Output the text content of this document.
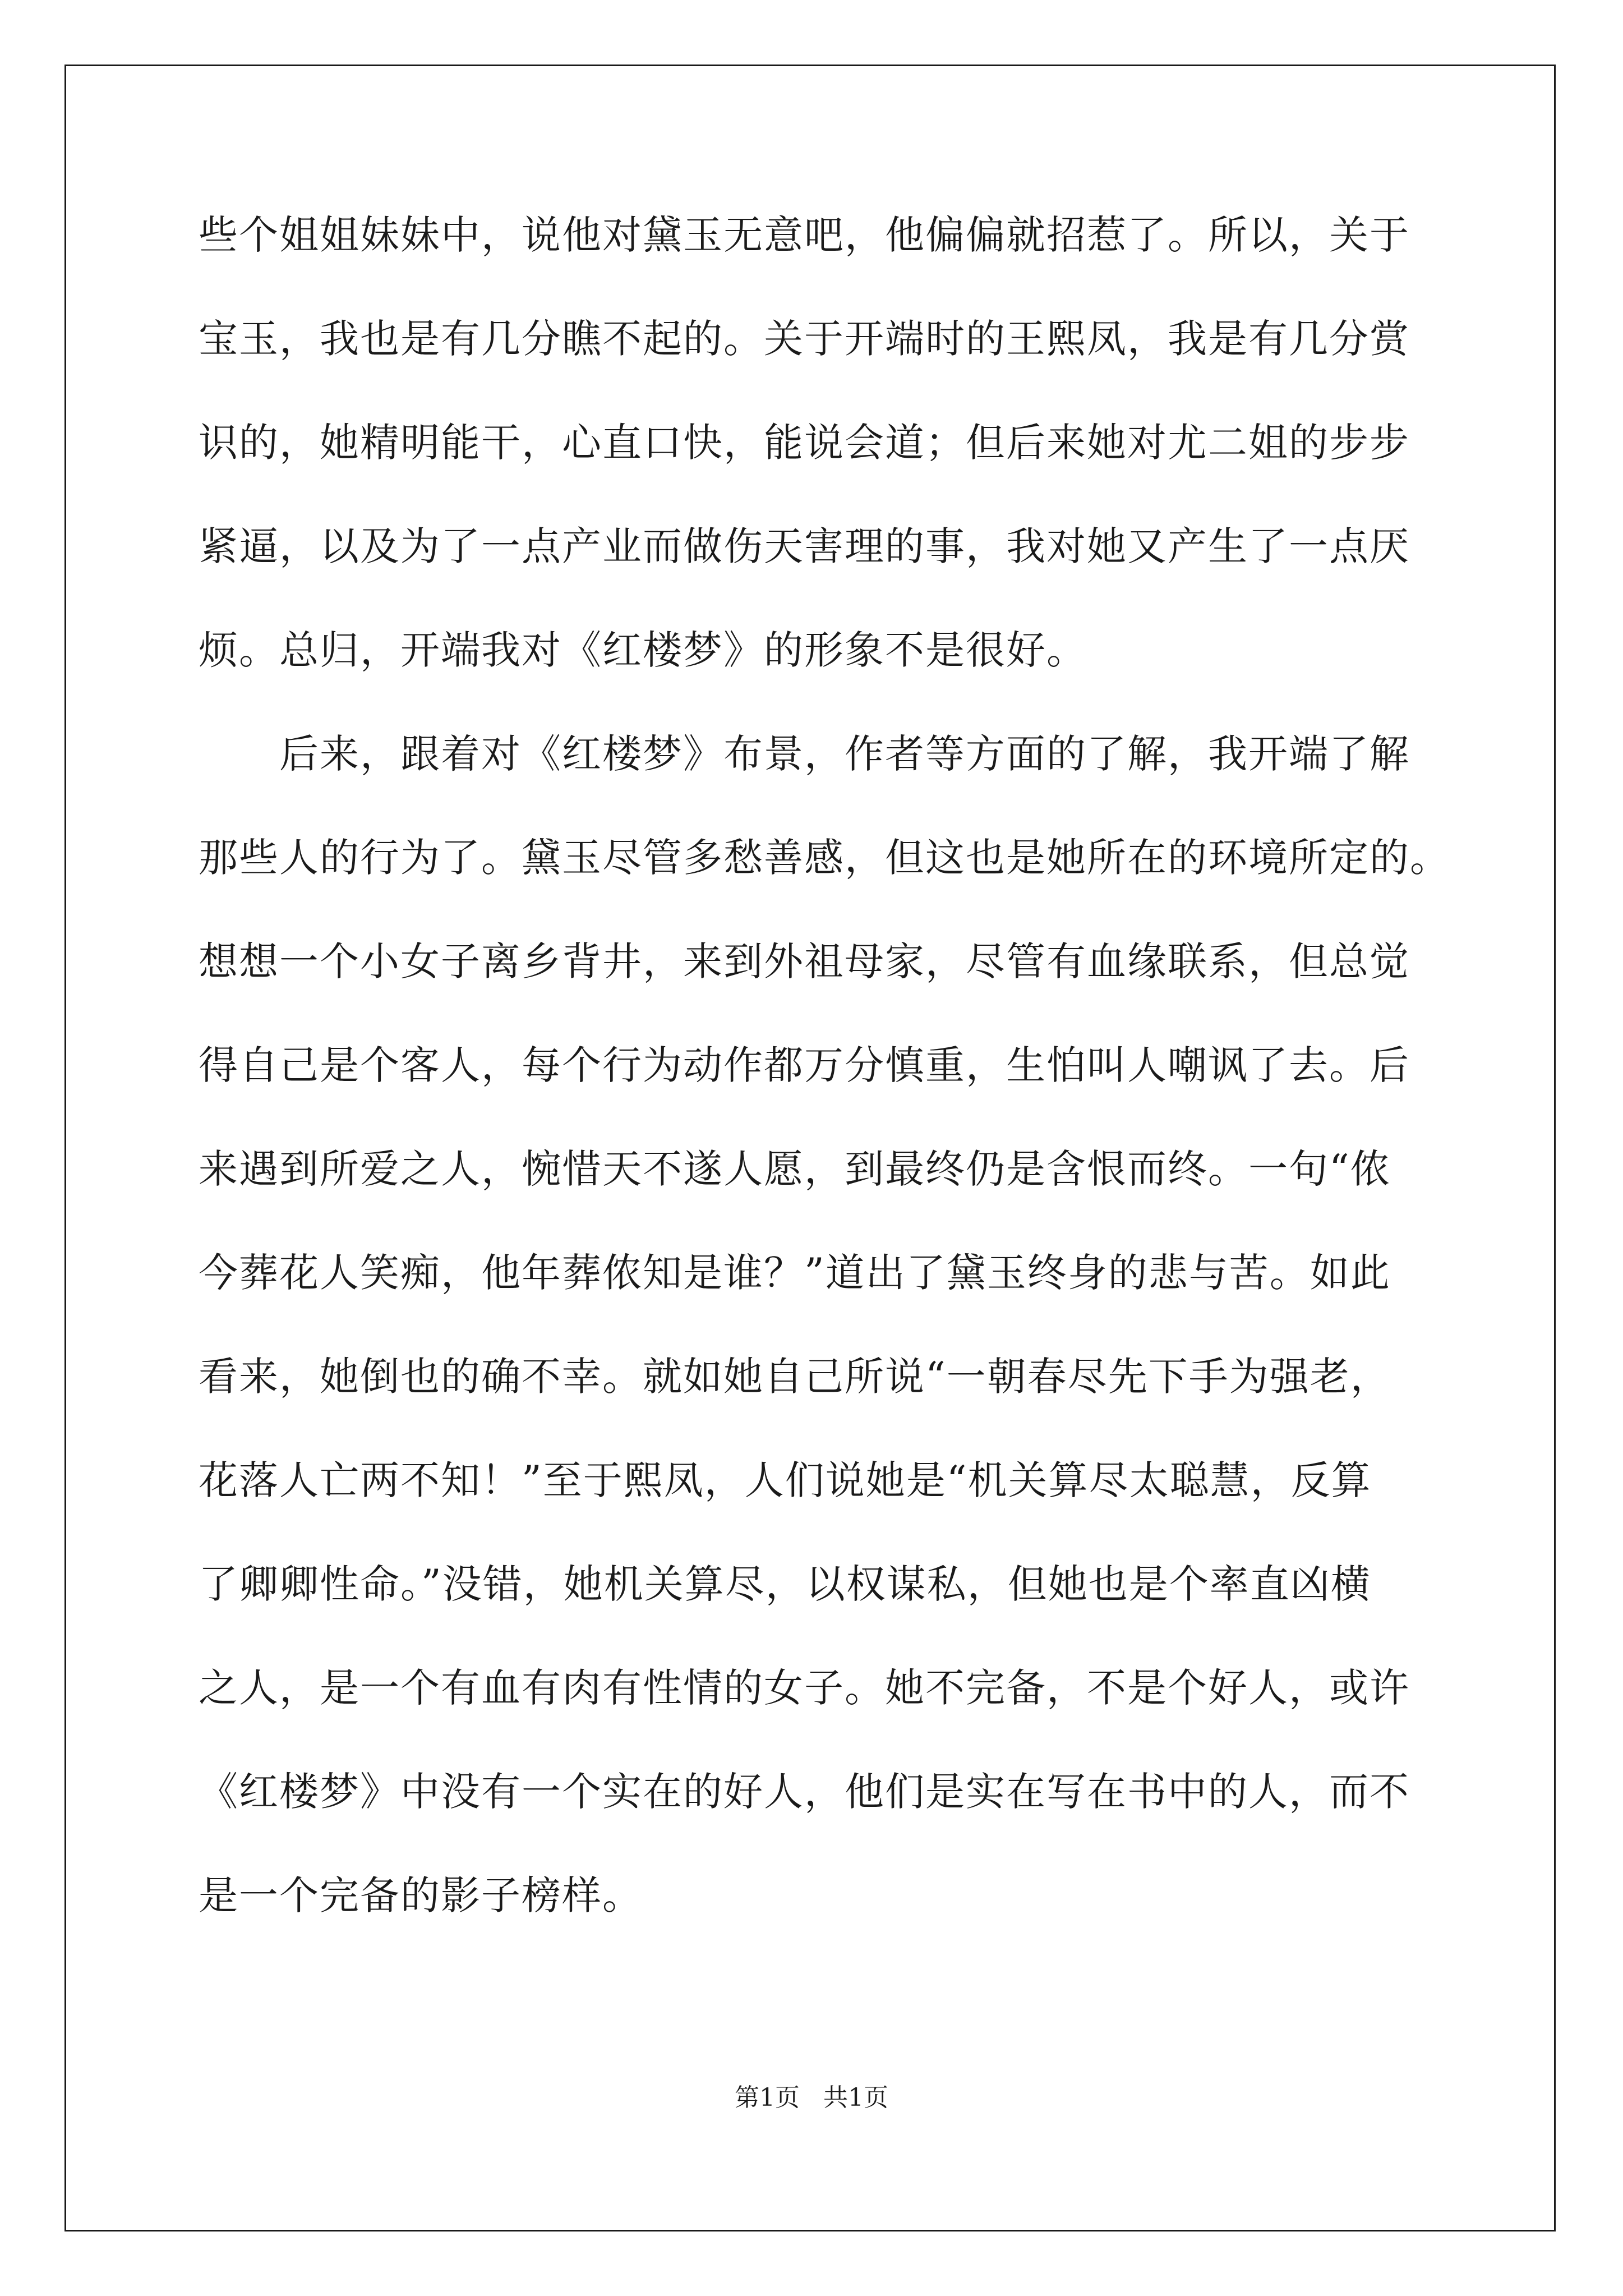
些个姐姐妹妹中，说他对黛玉无意吧，他偏偏就招惹了。所以，关于

宝玉，我也是有几分瞧不起的。关于开端时的王熙凤，我是有几分赏

识的，她精明能干，心直口快，能说会道；但后来她对尤二姐的步步

紧逼，以及为了一点产业而做伤天害理的事，我对她又产生了一点厌

烦。总归，开端我对《红楼梦》的形象不是很好。

　　后来，跟着对《红楼梦》布景，作者等方面的了解，我开端了解

那些人的行为了。黛玉尽管多愁善感，但这也是她所在的环境所定的。

想想一个小女子离乡背井，来到外祖母家，尽管有血缘联系，但总觉

得自己是个客人，每个行为动作都万分慎重，生怕叫人嘲讽了去。后

来遇到所爱之人，惋惜天不遂人愿，到最终仍是含恨而终。一句“侬

今葬花人笑痴，他年葬侬知是谁？”道出了黛玉终身的悲与苦。如此

看来，她倒也的确不幸。就如她自己所说“一朝春尽先下手为强老，

花落人亡两不知！”至于熙凤，人们说她是“机关算尽太聪慧，反算

了卿卿性命。”没错，她机关算尽，以权谋私，但她也是个率直凶横

之人，是一个有血有肉有性情的女子。她不完备，不是个好人，或许

《红楼梦》中没有一个实在的好人，他们是实在写在书中的人，而不

是一个完备的影子榜样。

第1页   共1页
